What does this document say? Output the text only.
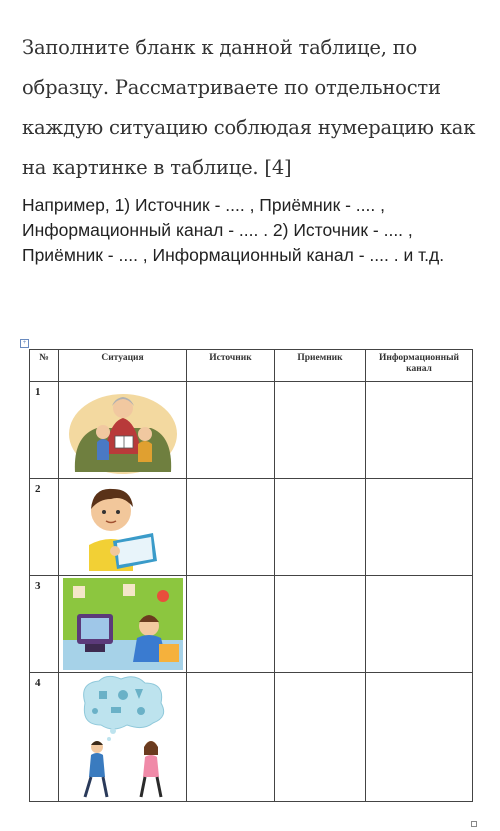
Заполните бланк к данной таблице, по образцу. Рассматриваете по отдельности каждую ситуацию соблюдая нумерацию как на картинке в таблице. [4]

Например, 1) Источник - .... , Приёмник - .... , Информационный канал - .... . 2) Источник - .... , Приёмник - .... , Информационный канал - .... . и т.д.

+
№	Ситуация	Источник	Приемник	Информационный канал
1	

2	

3	

4	
